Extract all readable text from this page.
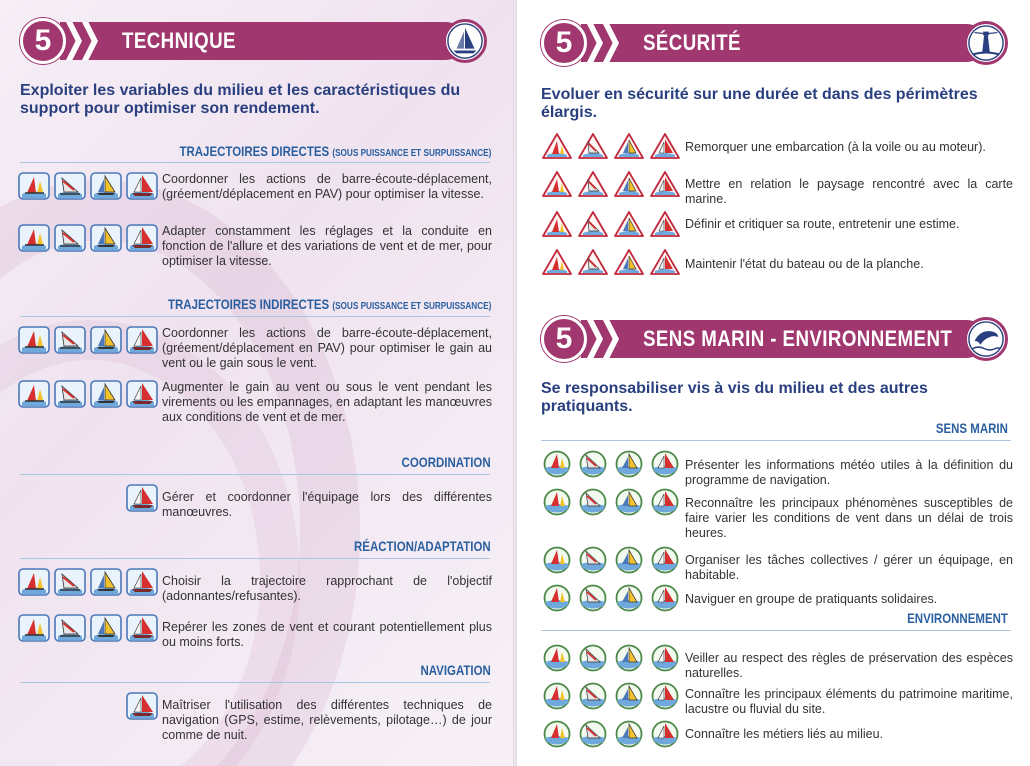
5	TECHNIQUE
Exploiter les variables du milieu et les caractéristiques du support pour optimiser son rendement.
TRAJECTOIRES DIRECTES (SOUS PUISSANCE ET SURPUISSANCE)
Coordonner les actions de barre-écoute-déplacement, (gréement/déplacement en PAV) pour optimiser la vitesse.
Adapter constamment les réglages et la conduite en fonction de l'allure et des variations de vent et de mer, pour optimiser la vitesse.
TRAJECTOIRES INDIRECTES (SOUS PUISSANCE ET SURPUISSANCE)
Coordonner les actions de barre-écoute-déplacement, (gréement/déplacement en PAV) pour optimiser le gain au vent ou le gain sous le vent.
Augmenter le gain au vent ou sous le vent pendant les virements ou les empannages, en adaptant les manœuvres aux conditions de vent et de mer.
COORDINATION
Gérer et coordonner l'équipage lors des différentes manœuvres.
RÉACTION/ADAPTATION
Choisir la trajectoire rapprochant de l'objectif (adonnantes/refusantes).
Repérer les zones de vent et courant potentiellement plus ou moins forts.
NAVIGATION
Maîtriser l'utilisation des différentes techniques de navigation (GPS, estime, relèvements, pilotage…) de jour comme de nuit.
5	SÉCURITÉ
Evoluer en sécurité sur une durée et dans des périmètres élargis.
Remorquer une embarcation (à la voile ou au moteur).
Mettre en relation le paysage rencontré avec la carte marine.
Définir et critiquer sa route, entretenir une estime.
Maintenir l'état du bateau ou de la planche.
5	SENS MARIN - ENVIRONNEMENT
Se responsabiliser vis à vis du milieu et des autres pratiquants.
SENS MARIN
Présenter les informations météo utiles à la définition du programme de navigation.
Reconnaître les principaux phénomènes susceptibles de faire varier les conditions de vent dans un délai de trois heures.
Organiser les tâches collectives / gérer un équipage, en habitable.
Naviguer en groupe de pratiquants solidaires.
ENVIRONNEMENT
Veiller au respect des règles de préservation des espèces naturelles.
Connaître les principaux éléments du patrimoine maritime, lacustre ou fluvial du site.
Connaître les métiers liés au milieu.
